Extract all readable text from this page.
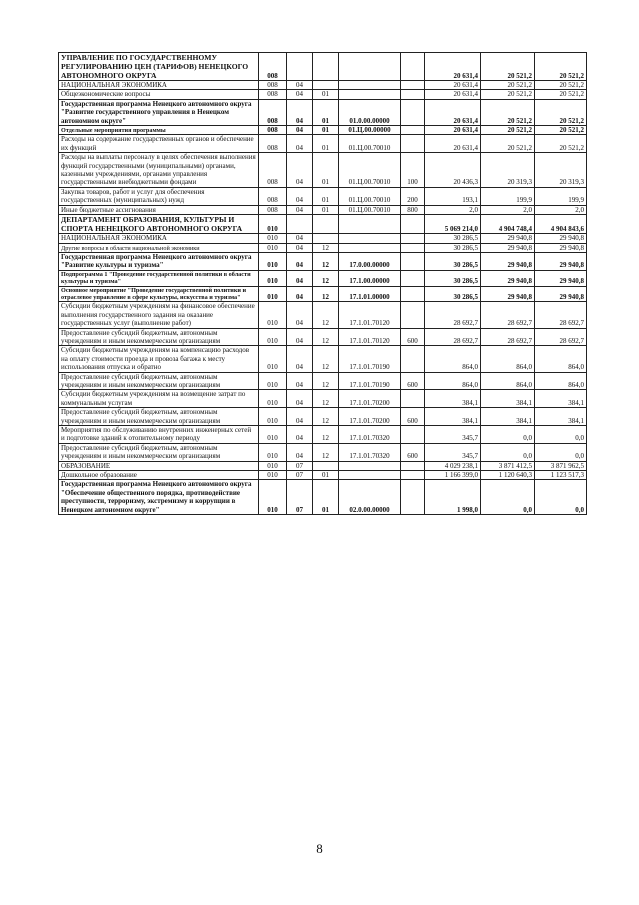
УПРАВЛЕНИЕ ПО ГОСУДАРСТВЕННОМУ РЕГУЛИРОВАНИЮ ЦЕН (ТАРИФОВ) НЕНЕЦКОГО АВТОНОМНОГО ОКРУГА	008					20 631,4	20 521,2	20 521,2
НАЦИОНАЛЬНАЯ ЭКОНОМИКА	008	04				20 631,4	20 521,2	20 521,2
Общеэкономические вопросы	008	04	01			20 631,4	20 521,2	20 521,2
Государственная программа Ненецкого автономного округа "Развитие государственного управления в Ненецком автономном округе"	008	04	01	01.0.00.00000		20 631,4	20 521,2	20 521,2
Отдельные мероприятия программы	008	04	01	01.Ц.00.00000		20 631,4	20 521,2	20 521,2
Расходы на содержание государственных органов и обеспечение их функций	008	04	01	01.Ц.00.70010		20 631,4	20 521,2	20 521,2
Расходы на выплаты персоналу в целях обеспечения выполнения функций государственными (муниципальными) органами, казенными учреждениями, органами управления государственными внебюджетными фондами	008	04	01	01.Ц.00.70010	100	20 436,3	20 319,3	20 319,3
Закупка товаров, работ и услуг для обеспечения государственных (муниципальных) нужд	008	04	01	01.Ц.00.70010	200	193,1	199,9	199,9
Иные бюджетные ассигнования	008	04	01	01.Ц.00.70010	800	2,0	2,0	2,0
ДЕПАРТАМЕНТ ОБРАЗОВАНИЯ, КУЛЬТУРЫ И СПОРТА НЕНЕЦКОГО АВТОНОМНОГО ОКРУГА	010					5 069 214,0	4 904 748,4	4 904 843,6
НАЦИОНАЛЬНАЯ ЭКОНОМИКА	010	04				30 286,5	29 940,8	29 940,8
Другие вопросы в области национальной экономики	010	04	12			30 286,5	29 940,8	29 940,8
Государственная программа Ненецкого автономного округа "Развитие культуры и туризма"	010	04	12	17.0.00.00000		30 286,5	29 940,8	29 940,8
Подпрограмма 1 "Проведение государственной политики в области культуры и туризма"	010	04	12	17.1.00.00000		30 286,5	29 940,8	29 940,8
Основное мероприятие "Проведение государственной политики и отраслевое управление в сфере культуры, искусства и туризма"	010	04	12	17.1.01.00000		30 286,5	29 940,8	29 940,8
Субсидии бюджетным учреждениям на финансовое обеспечение выполнения государственного задания на оказание государственных услуг (выполнение работ)	010	04	12	17.1.01.70120		28 692,7	28 692,7	28 692,7
Предоставление субсидий бюджетным, автономным учреждениям и иным некоммерческим организациям	010	04	12	17.1.01.70120	600	28 692,7	28 692,7	28 692,7
Субсидии бюджетным учреждениям на компенсацию расходов на оплату стоимости проезда и провоза багажа к месту использования отпуска и обратно	010	04	12	17.1.01.70190		864,0	864,0	864,0
Предоставление субсидий бюджетным, автономным учреждениям и иным некоммерческим организациям	010	04	12	17.1.01.70190	600	864,0	864,0	864,0
Субсидии бюджетным учреждениям на возмещение затрат по коммунальным услугам	010	04	12	17.1.01.70200		384,1	384,1	384,1
Предоставление субсидий бюджетным, автономным учреждениям и иным некоммерческим организациям	010	04	12	17.1.01.70200	600	384,1	384,1	384,1
Мероприятия по обслуживанию внутренних инженерных сетей и подготовке зданий к отопительному периоду	010	04	12	17.1.01.70320		345,7	0,0	0,0
Предоставление субсидий бюджетным, автономным учреждениям и иным некоммерческим организациям	010	04	12	17.1.01.70320	600	345,7	0,0	0,0
ОБРАЗОВАНИЕ	010	07				4 029 238,1	3 871 412,5	3 871 962,5
Дошкольное образование	010	07	01			1 166 399,0	1 120 640,3	1 123 517,3
Государственная программа Ненецкого автономного округа "Обеспечение общественного порядка, противодействие преступности, терроризму, экстремизму и коррупции в Ненецком автономном округе"	010	07	01	02.0.00.00000		1 998,0	0,0	0,0
8
